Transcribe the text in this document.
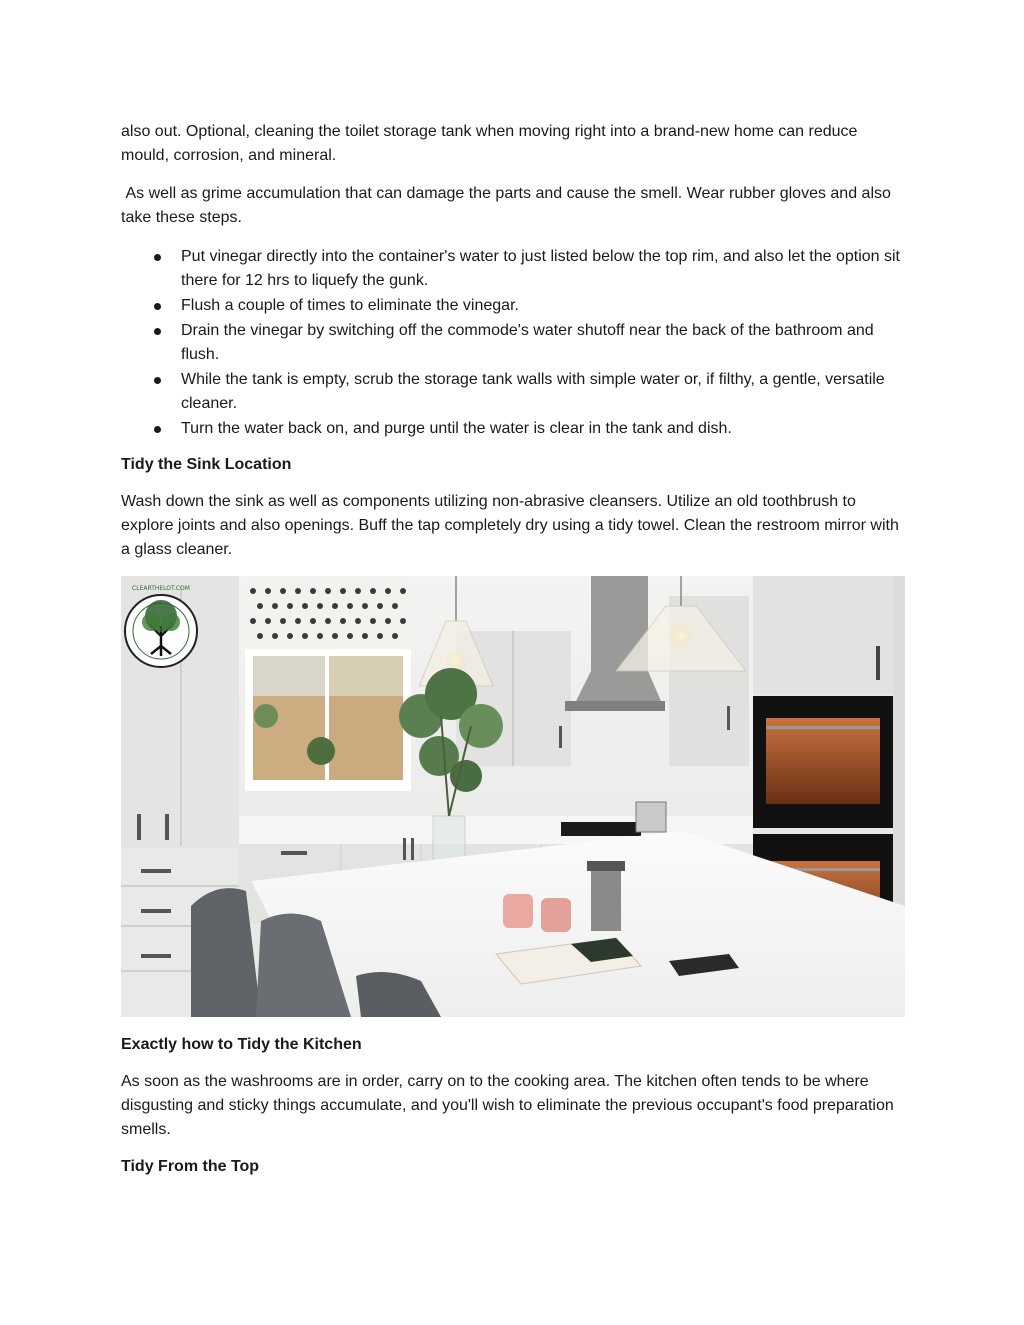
also out. Optional, cleaning the toilet storage tank when moving right into a brand-new home can reduce mould, corrosion, and mineral.

As well as grime accumulation that can damage the parts and cause the smell. Wear rubber gloves and also take these steps.

Put vinegar directly into the container's water to just listed below the top rim, and also let the option sit there for 12 hrs to liquefy the gunk.
Flush a couple of times to eliminate the vinegar.
Drain the vinegar by switching off the commode's water shutoff near the back of the bathroom and flush.
While the tank is empty, scrub the storage tank walls with simple water or, if filthy, a gentle, versatile cleaner.
Turn the water back on, and purge until the water is clear in the tank and dish.
Tidy the Sink Location

Wash down the sink as well as components utilizing non-abrasive cleansers. Utilize an old toothbrush to explore joints and also openings. Buff the tap completely dry using a tidy towel. Clean the restroom mirror with a glass cleaner.

CLEARTHELOT.COM
Exactly how to Tidy the Kitchen

As soon as the washrooms are in order, carry on to the cooking area. The kitchen often tends to be where disgusting and sticky things accumulate, and you'll wish to eliminate the previous occupant's food preparation smells.

Tidy From the Top
